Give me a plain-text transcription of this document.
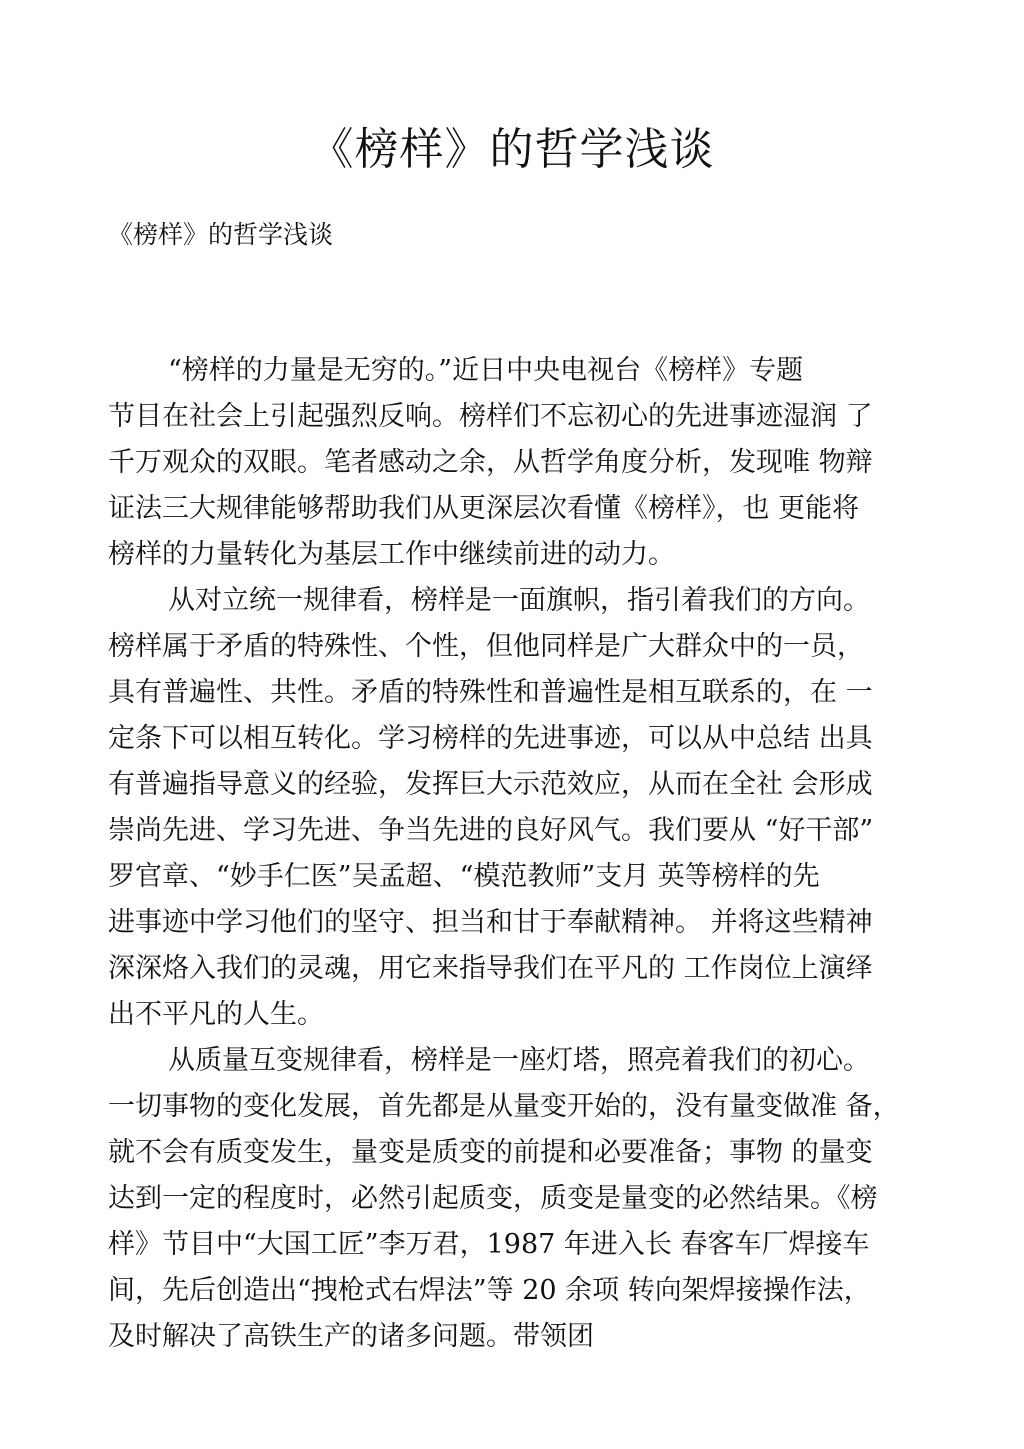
《榜样》的哲学浅谈

《榜样》的哲学浅谈

“榜样的力量是无穷的。”近日中央电视台《榜样》专题
节目在社会上引起强烈反响。榜样们不忘初心的先进事迹湿润 了
千万观众的双眼。笔者感动之余，从哲学角度分析，发现唯 物辩
证法三大规律能够帮助我们从更深层次看懂《榜样》，也 更能将
榜样的力量转化为基层工作中继续前进的动力。
从对立统一规律看，榜样是一面旗帜，指引着我们的方向。
榜样属于矛盾的特殊性、个性，但他同样是广大群众中的一员，
具有普遍性、共性。矛盾的特殊性和普遍性是相互联系的，在 一
定条下可以相互转化。学习榜样的先进事迹，可以从中总结 出具
有普遍指导意义的经验，发挥巨大示范效应，从而在全社 会形成
崇尚先进、学习先进、争当先进的良好风气。我们要从 “好干部”
罗官章、“妙手仁医”吴孟超、“模范教师”支月 英等榜样的先
进事迹中学习他们的坚守、担当和甘于奉献精神。 并将这些精神
深深烙入我们的灵魂，用它来指导我们在平凡的 工作岗位上演绎
出不平凡的人生。
从质量互变规律看，榜样是一座灯塔，照亮着我们的初心。
一切事物的变化发展，首先都是从量变开始的，没有量变做准 备，
就不会有质变发生，量变是质变的前提和必要准备；事物 的量变
达到一定的程度时，必然引起质变，质变是量变的必然结果。《榜
样》节目中“大国工匠”李万君，1987 年进入长 春客车厂焊接车
间，先后创造出“拽枪式右焊法”等 20 余项 转向架焊接操作法，
及时解决了高铁生产的诸多问题。带领团
